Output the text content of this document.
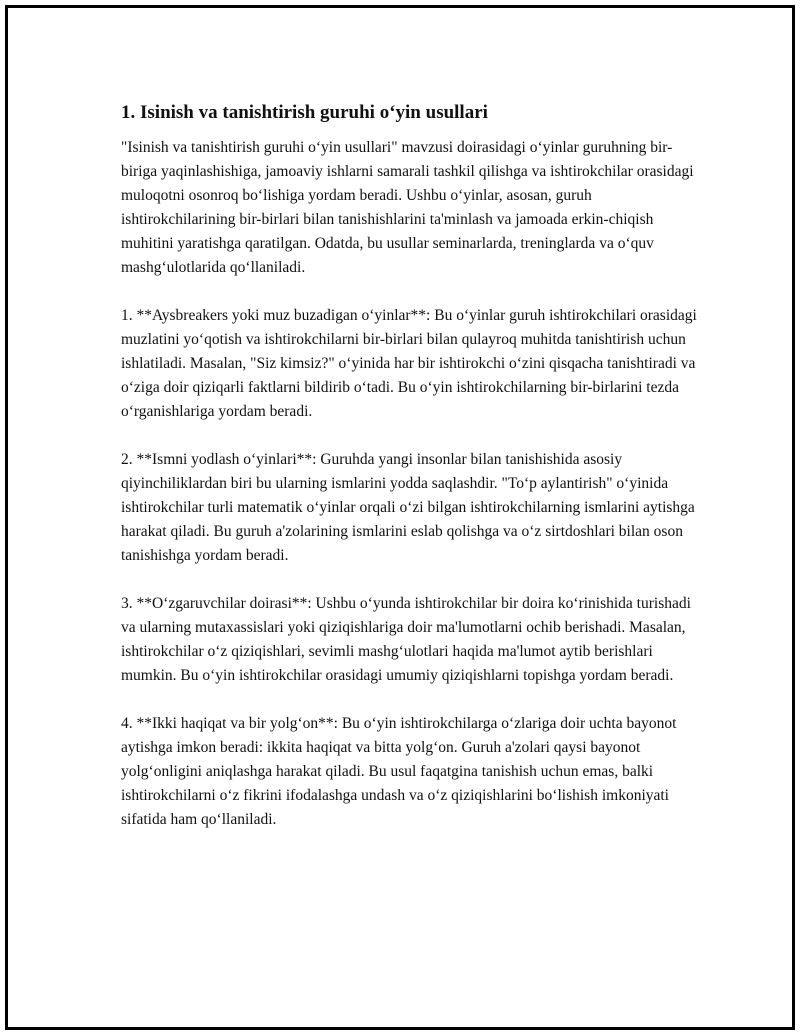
1. Isinish va tanishtirish guruhi o‘yin usullari

"Isinish va tanishtirish guruhi o‘yin usullari" mavzusi doirasidagi o‘yinlar guruhning bir-biriga yaqinlashishiga, jamoaviy ishlarni samarali tashkil qilishga va ishtirokchilar orasidagi muloqotni osonroq bo‘lishiga yordam beradi. Ushbu o‘yinlar, asosan, guruh ishtirokchilarining bir-birlari bilan tanishishlarini ta'minlash va jamoada erkin-chiqish muhitini yaratishga qaratilgan. Odatda, bu usullar seminarlarda, treninglarda va o‘quv mashg‘ulotlarida qo‘llaniladi.

1. **Aysbreakers yoki muz buzadigan o‘yinlar**: Bu o‘yinlar guruh ishtirokchilari orasidagi muzlatini yo‘qotish va ishtirokchilarni bir-birlari bilan qulayroq muhitda tanishtirish uchun ishlatiladi. Masalan, "Siz kimsiz?" o‘yinida har bir ishtirokchi o‘zini qisqacha tanishtiradi va o‘ziga doir qiziqarli faktlarni bildirib o‘tadi. Bu o‘yin ishtirokchilarning bir-birlarini tezda o‘rganishlariga yordam beradi.

2. **Ismni yodlash o‘yinlari**: Guruhda yangi insonlar bilan tanishishida asosiy qiyinchiliklardan biri bu ularning ismlarini yodda saqlashdir. "To‘p aylantirish" o‘yinida ishtirokchilar turli matematik o‘yinlar orqali o‘zi bilgan ishtirokchilarning ismlarini aytishga harakat qiladi. Bu guruh a'zolarining ismlarini eslab qolishga va o‘z sirtdoshlari bilan oson tanishishga yordam beradi.

3. **O‘zgaruvchilar doirasi**: Ushbu o‘yunda ishtirokchilar bir doira ko‘rinishida turishadi va ularning mutaxassislari yoki qiziqishlariga doir ma'lumotlarni ochib berishadi. Masalan, ishtirokchilar o‘z qiziqishlari, sevimli mashg‘ulotlari haqida ma'lumot aytib berishlari mumkin. Bu o‘yin ishtirokchilar orasidagi umumiy qiziqishlarni topishga yordam beradi.

4. **Ikki haqiqat va bir yolg‘on**: Bu o‘yin ishtirokchilarga o‘zlariga doir uchta bayonot aytishga imkon beradi: ikkita haqiqat va bitta yolg‘on. Guruh a'zolari qaysi bayonot yolg‘onligini aniqlashga harakat qiladi. Bu usul faqatgina tanishish uchun emas, balki ishtirokchilarni o‘z fikrini ifodalashga undash va o‘z qiziqishlarini bo‘lishish imkoniyati sifatida ham qo‘llaniladi.
